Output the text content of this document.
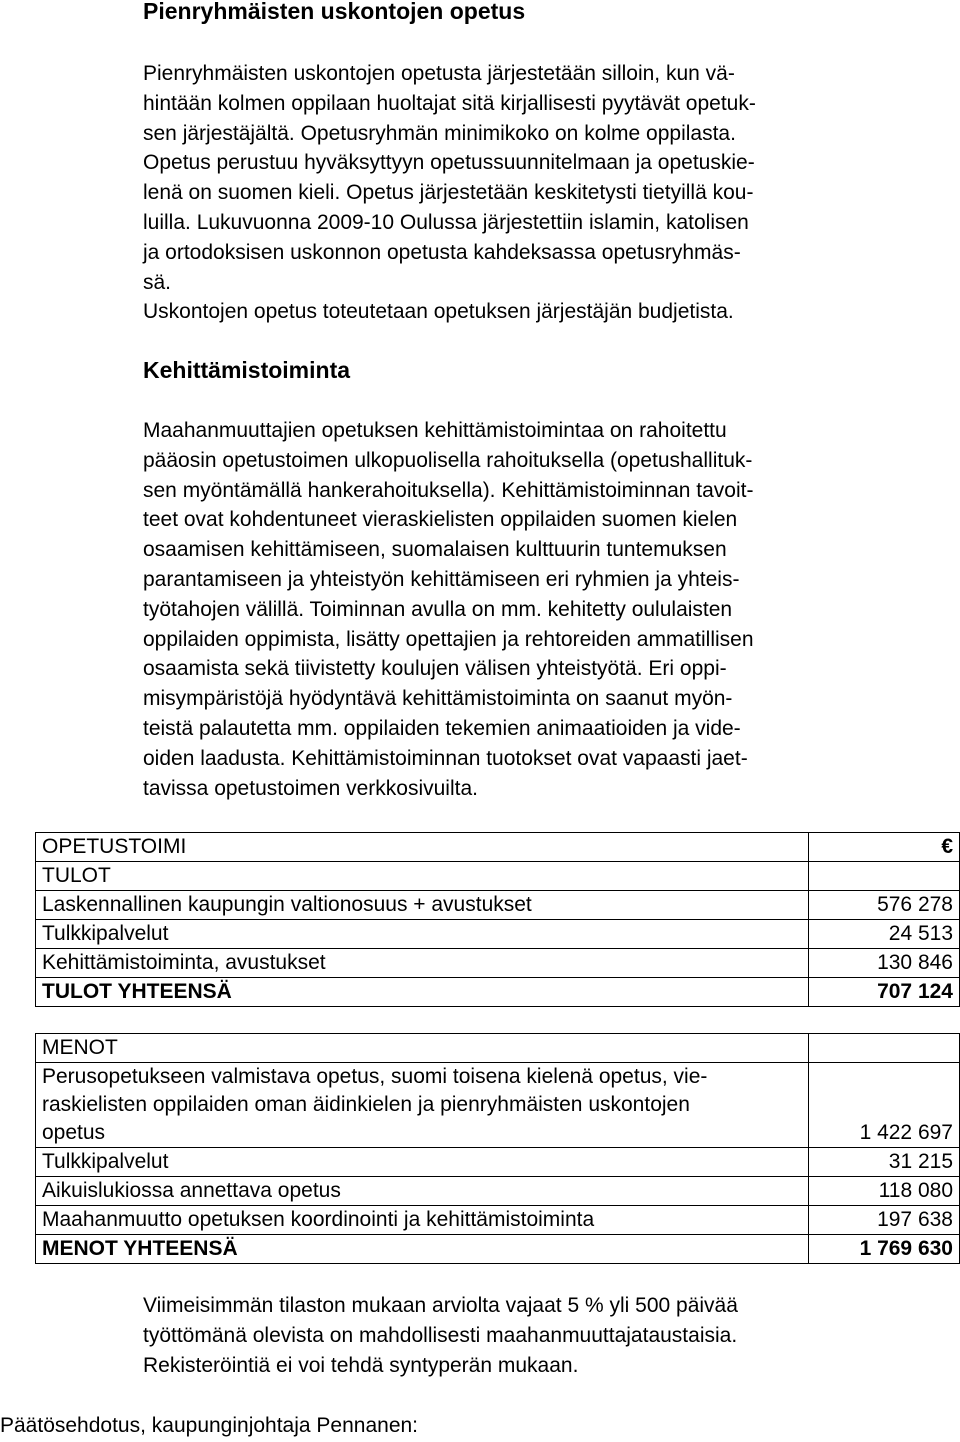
Pienryhmäisten uskontojen opetus
Pienryhmäisten uskontojen opetusta järjestetään silloin, kun vä-
hintään kolmen oppilaan huoltajat sitä kirjallisesti pyytävät opetuk-
sen järjestäjältä. Opetusryhmän minimikoko on kolme oppilasta.
Opetus perustuu hyväksyttyyn opetussuunnitelmaan ja opetuskie-
lenä on suomen kieli. Opetus järjestetään keskitetysti tietyillä kou-
luilla. Lukuvuonna 2009-10 Oulussa järjestettiin islamin, katolisen
ja ortodoksisen uskonnon opetusta kahdeksassa opetusryhmäs-
sä.
Uskontojen opetus toteutetaan opetuksen järjestäjän budjetista.
Kehittämistoiminta
Maahanmuuttajien opetuksen kehittämistoimintaa on rahoitettu
pääosin opetustoimen ulkopuolisella rahoituksella (opetushallituk-
sen myöntämällä hankerahoituksella). Kehittämistoiminnan tavoit-
teet ovat kohdentuneet vieraskielisten oppilaiden suomen kielen
osaamisen kehittämiseen, suomalaisen kulttuurin tuntemuksen
parantamiseen ja yhteistyön kehittämiseen eri ryhmien ja yhteis-
työtahojen välillä. Toiminnan avulla on mm. kehitetty oululaisten
oppilaiden oppimista, lisätty opettajien ja rehtoreiden ammatillisen
osaamista sekä tiivistetty koulujen välisen yhteistyötä. Eri oppi-
misympäristöjä hyödyntävä kehittämistoiminta on saanut myön-
teistä palautetta mm. oppilaiden tekemien animaatioiden ja vide-
oiden laadusta. Kehittämistoiminnan tuotokset ovat vapaasti jaet-
tavissa opetustoimen verkkosivuilta.
OPETUSTOIMI	€
TULOT	
Laskennallinen kaupungin valtionosuus + avustukset	576 278
Tulkkipalvelut	24 513
Kehittämistoiminta, avustukset	130 846
TULOT YHTEENSÄ	707 124
MENOT	

Perusopetukseen valmistava opetus, suomi toisena kielenä opetus, vie-
raskielisten oppilaiden oman äidinkielen ja pienryhmäisten uskontojen
opetus	1 422 697
Tulkkipalvelut	31 215
Aikuislukiossa annettava opetus	118 080
Maahanmuutto opetuksen koordinointi ja kehittämistoiminta	197 638
MENOT YHTEENSÄ	1 769 630
Viimeisimmän tilaston mukaan arviolta vajaat 5 % yli 500 päivää
työttömänä olevista on mahdollisesti maahanmuuttajataustaisia.
Rekisteröintiä ei voi tehdä syntyperän mukaan.
Päätösehdotus, kaupunginjohtaja Pennanen:
